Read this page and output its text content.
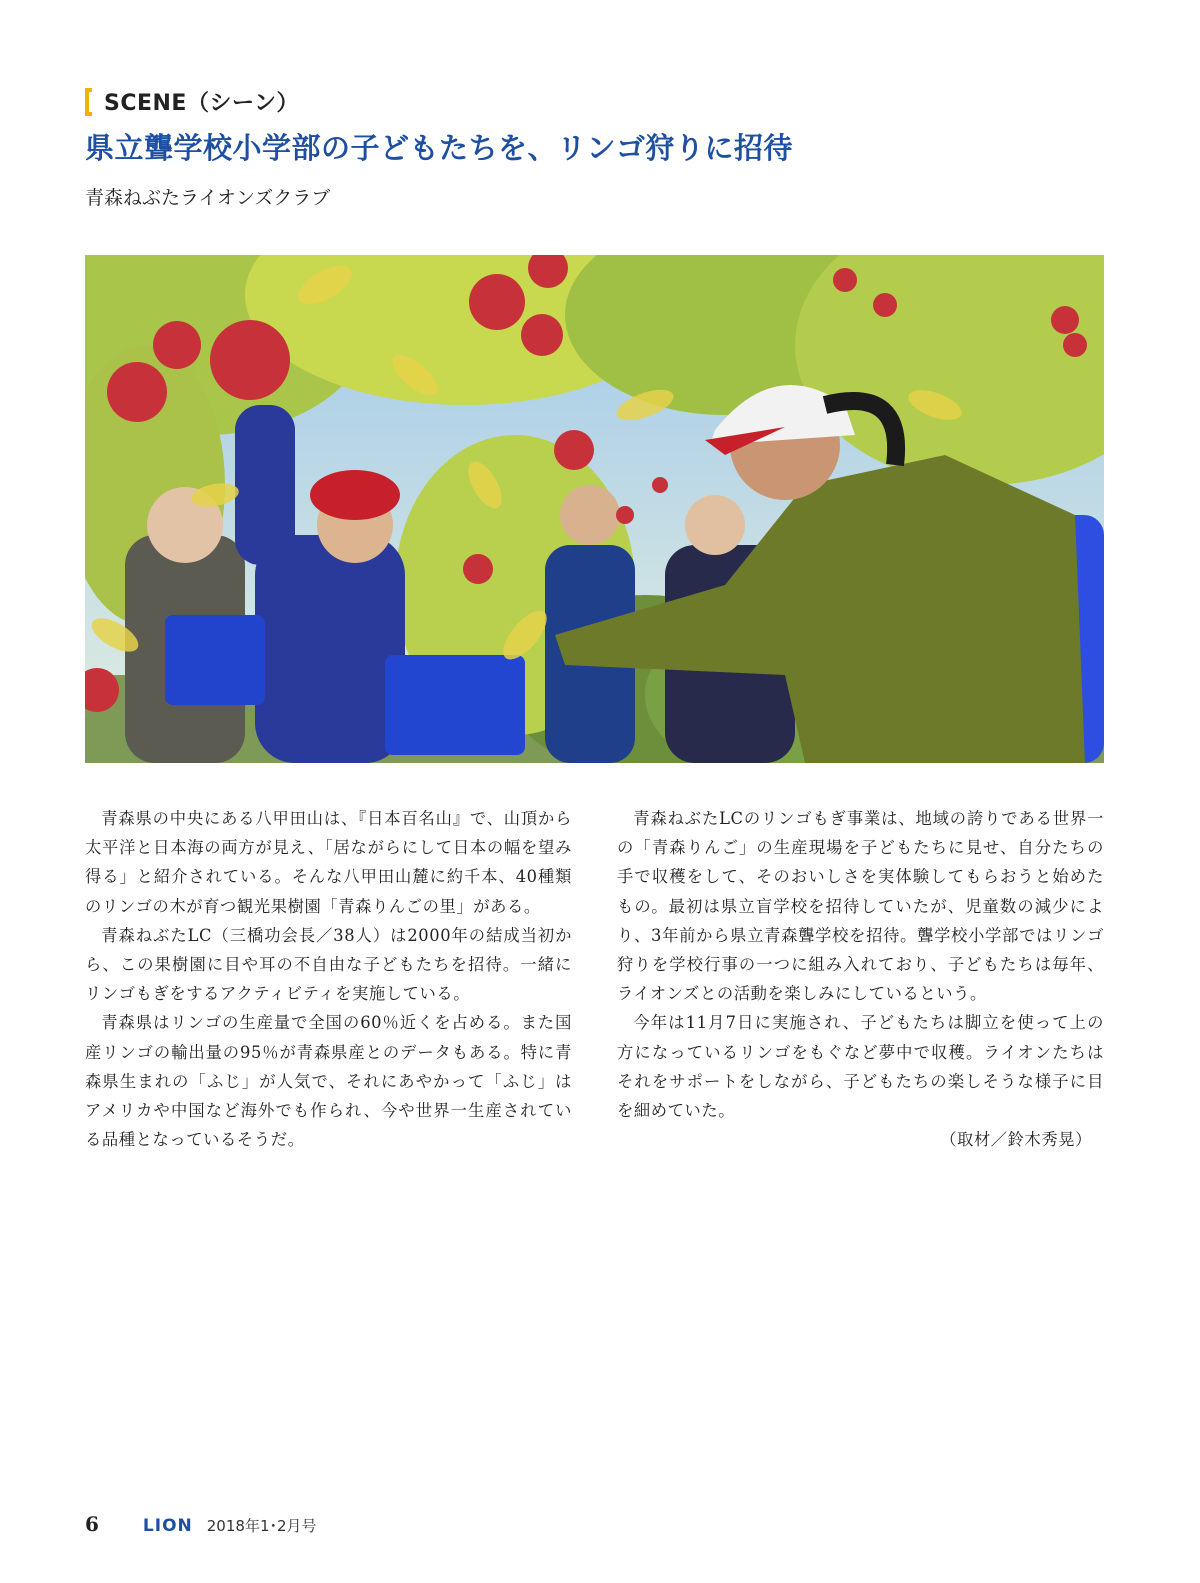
SCENE（シーン）
県立聾学校小学部の子どもたちを、リンゴ狩りに招待
青森ねぶたライオンズクラブ

青森県の中央にある八甲田山は、『日本百名山』で、山頂から太平洋と日本海の両方が見え、「居ながらにして日本の幅を望み得る」と紹介されている。そんな八甲田山麓に約千本、40種類のリンゴの木が育つ観光果樹園「青森りんごの里」がある。

青森ねぶたLC（三橋功会長／38人）は2000年の結成当初から、この果樹園に目や耳の不自由な子どもたちを招待。一緒にリンゴもぎをするアクティビティを実施している。

青森県はリンゴの生産量で全国の60％近くを占める。また国産リンゴの輸出量の95％が青森県産とのデータもある。特に青森県生まれの「ふじ」が人気で、それにあやかって「ふじ」はアメリカや中国など海外でも作られ、今や世界一生産されている品種となっているそうだ。

青森ねぶたLCのリンゴもぎ事業は、地域の誇りである世界一の「青森りんご」の生産現場を子どもたちに見せ、自分たちの手で収穫をして、そのおいしさを実体験してもらおうと始めたもの。最初は県立盲学校を招待していたが、児童数の減少により、3年前から県立青森聾学校を招待。聾学校小学部ではリンゴ狩りを学校行事の一つに組み入れており、子どもたちは毎年、ライオンズとの活動を楽しみにしているという。

今年は11月7日に実施され、子どもたちは脚立を使って上の方になっているリンゴをもぐなど夢中で収穫。ライオンたちはそれをサポートをしながら、子どもたちの楽しそうな様子に目を細めていた。

（取材／鈴木秀晃）

6	LION 2018年1･2月号
